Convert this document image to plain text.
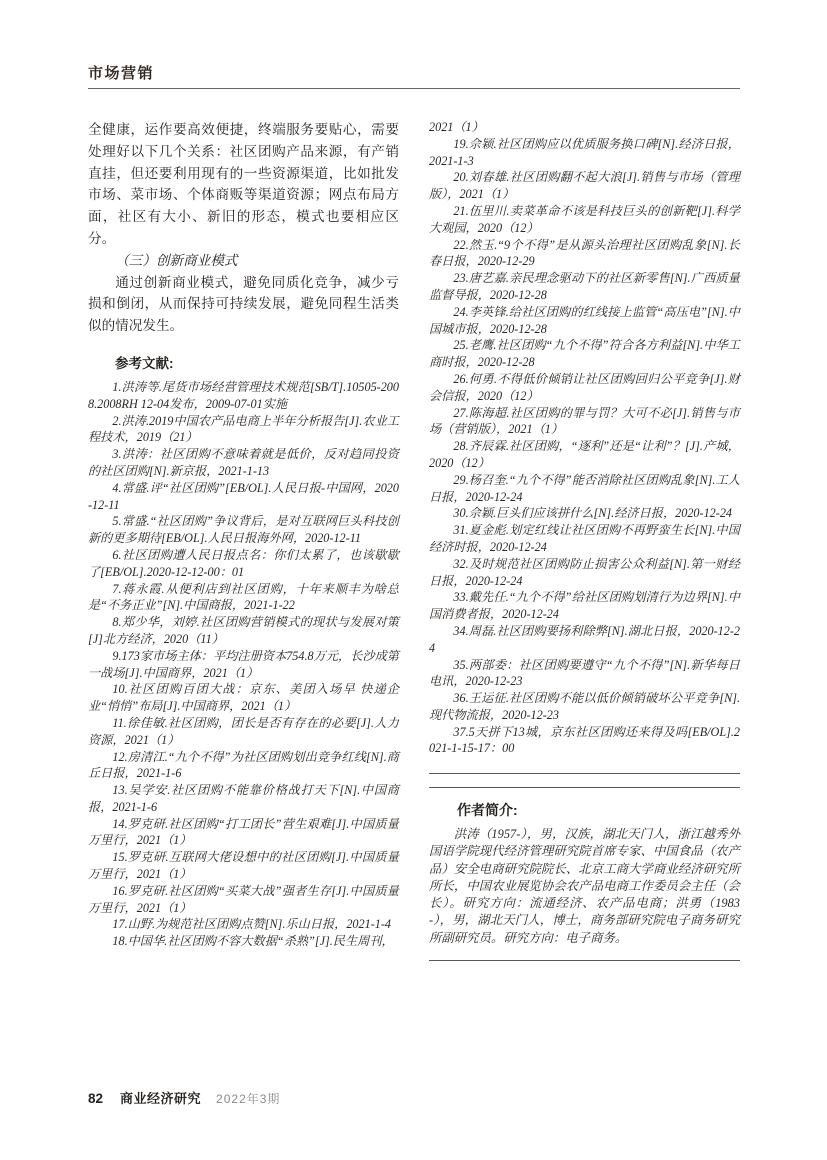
市场营销

全健康，运作要高效便捷，终端服务要贴心，需要处理好以下几个关系：社区团购产品来源，有产销直挂，但还要利用现有的一些资源渠道，比如批发市场、菜市场、个体商贩等渠道资源；网点布局方面，社区有大小、新旧的形态，模式也要相应区分。

（三）创新商业模式

通过创新商业模式，避免同质化竞争，减少亏损和倒闭，从而保持可持续发展，避免同程生活类似的情况发生。

参考文献:

1.洪涛等.尾货市场经营管理技术规范[SB/T].10505-2008.2008RH 12-04发布，2009-07-01实施

2.洪涛.2019中国农产品电商上半年分析报告[J].农业工程技术，2019（21）

3.洪涛：社区团购不意味着就是低价，反对趋同投资的社区团购[N].新京报，2021-1-13

4.常盛.评“社区团购”[EB/OL].人民日报-中国网，2020-12-11

5.常盛.“社区团购”争议背后，是对互联网巨头科技创新的更多期待[EB/OL].人民日报海外网，2020-12-11

6.社区团购遭人民日报点名：你们太累了，也该歇歇了[EB/OL].2020-12-12-00：01

7.蒋永霞.从便利店到社区团购，十年来顺丰为啥总是“不务正业”[N].中国商报，2021-1-22

8.郑少华，刘婷.社区团购营销模式的现状与发展对策[J]北方经济，2020（11）

9.173家市场主体：平均注册资本754.8万元，长沙成第一战场[J].中国商界，2021（1）

10.社区团购百团大战：京东、美团入场早 快递企业“悄悄”布局[J].中国商界，2021（1）

11.徐佳敏.社区团购，团长是否有存在的必要[J].人力资源，2021（1）

12.房清江.“九个不得”为社区团购划出竞争红线[N].商丘日报，2021-1-6

13.吴学安.社区团购不能靠价格战打天下[N].中国商报，2021-1-6

14.罗克研.社区团购“打工团长”营生艰难[J].中国质量万里行，2021（1）

15.罗克研.互联网大佬设想中的社区团购[J].中国质量万里行，2021（1）

16.罗克研.社区团购“买菜大战”强者生存[J].中国质量万里行，2021（1）

17.山野.为规范社区团购点赞[N].乐山日报，2021-1-4

18.中国华.社区团购不容大数据“杀熟”[J].民生周刊，

2021（1）

19.佘颖.社区团购应以优质服务换口碑[N].经济日报，2021-1-3

20.刘春雄.社区团购翻不起大浪[J].销售与市场（管理版），2021（1）

21.伍里川.卖菜革命不该是科技巨头的创新靶[J].科学大观园，2020（12）

22.然玉.“9个不得”是从源头治理社区团购乱象[N].长春日报，2020-12-29

23.唐艺嘉.亲民理念驱动下的社区新零售[N].广西质量监督导报，2020-12-28

24.李英锋.给社区团购的红线接上监管“高压电”[N].中国城市报，2020-12-28

25.老鹰.社区团购“九个不得”符合各方利益[N].中华工商时报，2020-12-28

26.何勇.不得低价倾销让社区团购回归公平竞争[J].财会信报，2020（12）

27.陈海超.社区团购的罪与罚？大可不必[J].销售与市场（营销版），2021（1）

28.齐辰霖.社区团购，“逐利”还是“让利”？[J].产城，2020（12）

29.杨召奎.“九个不得”能否消除社区团购乱象[N].工人日报，2020-12-24

30.佘颖.巨头们应该拼什么[N].经济日报，2020-12-24

31.夏金彪.划定红线让社区团购不再野蛮生长[N].中国经济时报，2020-12-24

32.及时规范社区团购防止损害公众利益[N].第一财经日报，2020-12-24

33.戴先任.“九个不得”给社区团购划清行为边界[N].中国消费者报，2020-12-24

34.周磊.社区团购要扬利除弊[N].湖北日报，2020-12-24

35.两部委：社区团购要遵守“九个不得”[N].新华每日电讯，2020-12-23

36.王运征.社区团购不能以低价倾销破坏公平竞争[N].现代物流报，2020-12-23

37.5天拼下13城，京东社区团购还来得及吗[EB/OL].2021-1-15-17：00

作者简介:

洪涛（1957-），男，汉族，湖北天门人，浙江越秀外国语学院现代经济管理研究院首席专家、中国食品（农产品）安全电商研究院院长、北京工商大学商业经济研究所所长，中国农业展览协会农产品电商工作委员会主任（会长）。研究方向：流通经济、农产品电商；洪勇（1983-），男，湖北天门人，博士，商务部研究院电子商务研究所副研究员。研究方向：电子商务。

82 商业经济研究 2022年3期
